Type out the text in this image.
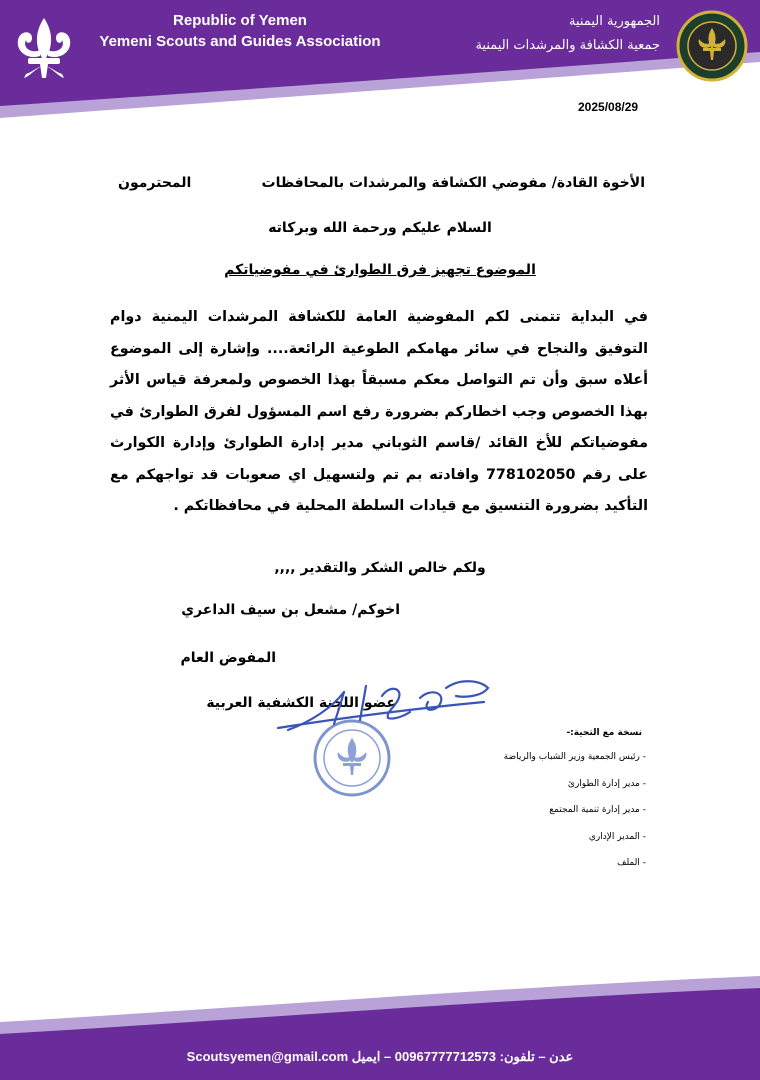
Republic of Yemen
Yemeni Scouts and Guides Association
الجمهورية اليمنية
جمعية الكشافة والمرشدات اليمنية
2025/08/29
الأخوة القادة/ مفوضي الكشافة والمرشدات بالمحافظات
المحترمون
السلام عليكم ورحمة الله وبركاته
الموضوع تجهيز فرق الطوارئ في مفوضياتكم
في البداية تتمنى لكم المفوضية العامة للكشافة المرشدات اليمنية دوام التوفيق والنجاح في سائر مهامكم الطوعية الرائعة.... وإشارة إلى الموضوع أعلاه سبق وأن تم التواصل معكم مسبقاً بهذا الخصوص ولمعرفة قياس الأثر بهذا الخصوص وجب اخطاركم بضرورة رفع اسم المسؤول لفرق الطوارئ في مفوضياتكم للأخ القائد /قاسم الثوباني مدير إدارة الطوارئ وإدارة الكوارث على رقم 778102050 وافادته بم تم ولتسهيل اي صعوبات قد تواجهكم مع التأكيد بضرورة التنسيق مع قيادات السلطة المحلية في محافظاتكم .
ولكم خالص الشكر والتقدير ,,,,
اخوكم/ مشعل بن سيف الداعري
المفوض العام
عضو اللجنة الكشفية العربية
نسخة مع التحية:-
- رئيس الجمعية وزير الشباب والرياضة
- مدير إدارة الطوارئ
- مدير إدارة تنمية المجتمع
- المدير الإداري
- الملف
عدن – تلفون: 00967777712573 – ايميل Scoutsyemen@gmail.com
